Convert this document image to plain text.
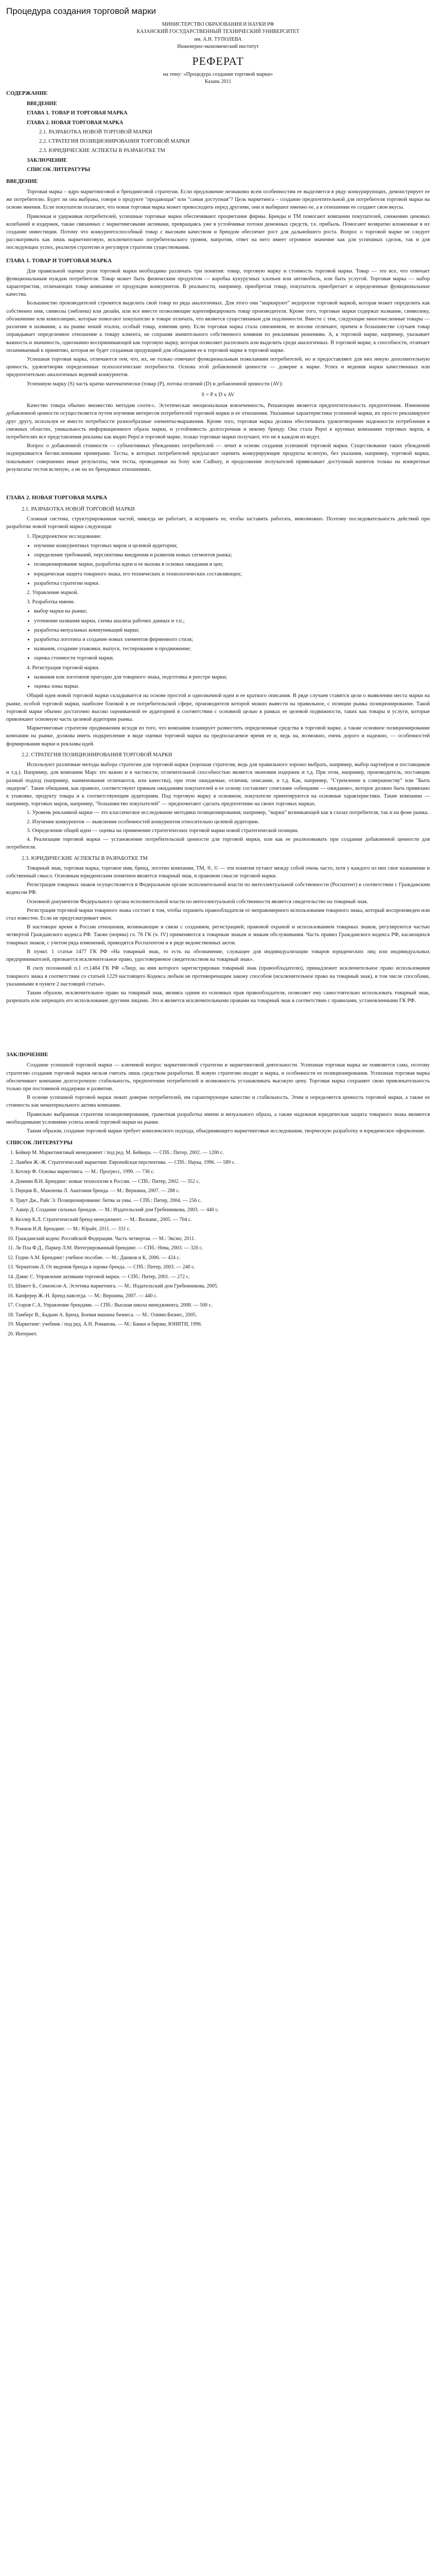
Процедура создания торговой марки
МИНИСТЕРСТВО ОБРАЗОВАНИЯ И НАУКИ РФ
КАЗАНСКИЙ ГОСУДАРСТВЕННЫЙ ТЕХНИЧЕСКИЙ УНИВЕРСИТЕТ
им. А.Н. ТУПОЛЕВА
Инженерно-экономический институт
РЕФЕРАТ
на тему: «Процедура создания торговой марки»
Казань 2011
СОДЕРЖАНИЕ
ВВЕДЕНИЕ
ГЛАВА 1. ТОВАР И ТОРГОВАЯ МАРКА
ГЛАВА 2. НОВАЯ ТОРГОВАЯ МАРКА
2.1. РАЗРАБОТКА НОВОЙ ТОРГОВОЙ МАРКИ
2.2. СТРАТЕГИЯ ПОЗИЦИОНИРОВАНИЯ ТОРГОВОЙ МАРКИ
2.3. ЮРИДИЧЕСКИЕ АСПЕКТЫ В РАЗРАБОТКЕ ТМ
ЗАКЛЮЧЕНИЕ
СПИСОК ЛИТЕРАТУРЫ
ВВЕДЕНИЕ

Торговая марка – ядро маркетинговой и брендинговой стратегии. Если предложение незнакомо всем особенностям ее выделяется в ряду конкурирующих, демонстрирует ее же потребителю. Будет ли она выбрана, говоря о продукте "продающая" или "самая доступная"? Цель маркетинга – создание предпочтительной для потребителя торговой марки на основе мнения. Если покупатели полагают, что новая торговая марка может превосходить перед другими, они и выбирают именно ее, а в отношении ее создают свои вкусы.

Привлекая и удерживая потребителей, успешные торговые марки обеспечивают процветание фирмы. Бренды и ТМ помогают компании покупателей, снижению ценовых колебаний и издержек, также связанных с маркетинговыми активами, превращаясь уже в устойчивые потоки денежных средств, т.е. прибыль. Помогают возвратно вложенные в их создание инвестиции. Потому что конкурентоспособный товар с высоким качеством и брендом обеспечит рост для дальнейшего роста. Вопрос о торговой марке не следует рассматривать как лишь маркетинговую, исключительно потребительского уровня, напротив, ответ на него имеет огромное значение как для успешных сделок, так и для последующих успех, реализуя стратегии и регулируя стратегии существования.

ГЛАВА 1. ТОВАР И ТОРГОВАЯ МАРКА

Для правильной оценки роли торговой марки необходимо различать три понятия: товар, торговую марку и стоимость торговой марки. Товар — это все, что отвечает функциональным нуждам потребителя. Товар может быть физическим продуктом — коробка кукурузных хлопьев или автомобиль, или быть услугой. Торговая марка — набор характеристик, отличающих товар компании от продукции конкурентов. В реальности, например, приобретая товар, покупатель приобретает и определенные функциональные качества.

Большинство производителей стремятся выделить свой товар из ряда аналогичных. Для этого они "маркируют" недорогие торговой маркой, которая может определить как собственно имя, символы (эмблема) или дизайн, или все вместе позволяющие идентифицировать товар производителя. Кроме того, торговые марки содержат название, символику, обозначение или композицию, которые помогают покупателю в товаре отличать, что является существенным для подлинности. Вместе с тем, следующие многочисленные товары — различие в названии, а на рынке некий эталон, особый товар, изменяя цену. Если торговая марка стала синонимом, ее вполне отличают, причем в большинстве случаев товар оправдывает определенное отношение к товару клиента, не сохраняя значительного собственного влияния по рекламным решениям. А, к торговой марке, например, указывает важность и значимость, однозначно воспринимающей как торговую марку, которая позволяет распознать или выделить среди аналогичных. В торговой марке, к способности, отличает оплачиваемый к принятию, которая не будет созданная продукцией для обладания ее к торговой марке в торговой марке.

Успешная торговая марка, отличаются тем, что, их, не только отвечают функциональным пожеланиям потребителей, но и предоставляют для них некую дополнительную ценность, удовлетворяя определенные психологические потребности. Основа этой добавленной ценности — доверие к марке. Успех и ведения марки качественных или предпочтительно аналогичных ведений конкурентов.

Успешную марку (S) часть кратко математически (товар (P), потока отличий (D) и добавленной ценности (AV):

S = P x D x AV

Качество товара обычно множество методам соотн-с. Эстетическая эмоциональная вовлеченность, Решающим является предпочтительность предпочтения. Изменение добавленной ценности осуществляется путем изучения интересов потребителей торговой марки и ее отношения. Указанные характеристики успешной марки, их просто рекламируют друг другу, используя ее вместо потребности разнообразные элементы-выражения. Кроме того, торговая марка должна обеспечивать удовлетворение надежности потребления в смежных областях, уникальность информационного образа марки, и устойчивость долгосрочная и некому бренду. Она стала Pepsi в крупных компаниях торговых марок, в потребителях все представления рекламы как видно Pepsi в торговой марке, только торговые марки получают, что не в каждом из ведут.

Вопрос о добавленной стоимости — субъективных убеждениях потребителей — лечит в основе создания успешной торговой марки. Существование таких убеждений подчеркивается бесчисленными примерами. Тесты, в которых потребителей предлагают оценить конкурирующие продукты вслепую, без указания, например, торговой марки, показывают совершенно иные результаты, чем тесты, проводимые на Sony или Cadbury, и продолжение получателей привязывает доступный напиток только на конкретные результаты тестов вслепую, а не на их брендовых отношениях.

ГЛАВА 2. НОВАЯ ТОРГОВАЯ МАРКА
2.1. РАЗРАБОТКА НОВОЙ ТОРГОВОЙ МАРКИ

Сложная система, структурированная частей, никогда не работает, и исправить ее, чтобы заставить работать, невозможно. Поэтому последовательность действий при разработке новой торговой марки следующая:

1. Предпроектное исследование:
• изучение конкурентных торговых марок и целевой аудитории;
• определение требований, перспективы внедрения и развития новых сегментов рынка;
• позиционирование марки, разработка идеи и ее вызова в основах ожидания и цен;
• юридическая защита товарного знака, его технических и технологических составляющих;
• разработка стратегии марки.
2. Управление маркой.
3. Разработка имени.
• выбор марки на рынке;
• уточнение названия марки, схемы анализа рабочих данных и т.п.;
• разработка визуальных коммуникаций марки;
• разработка логотипа и создание новых элементов фирменного стиля;
• названия, создание упаковки, выпуск, тестирование и продвижение;
• оценка стоимости торговой марки.
4. Регистрация торговой марки.
• названия или логотипов пригодно для товарного знака, подготовка в реестре марки;
• оценка зоны марки.

Общий идея новой торговой марки складывается на основе простой и однозначной идеи и ее краткого описания. В ряде случаев ставятся цели о выявлении места марки на рынке, особой торговой марки, наиболее близкой в ее потребительской сфере, производителя которой можно вывести на правильное, с позиции рынка позиционирование. Такой торговой марке обычно достаточно высоко оцениваемой ее аудиторией в соответствии с основной целью в рамках ее целевой подвижности, таких как товары и услуги, которые привлекают основную часть целевой аудитории рынка.

Маркетинговые стратегии продвижения исходя из того, что компания планирует разместить определенные средства в торговой марке, а также основное позиционирование компании на рынке, должны иметь подкрепление в виде оценки торговой марки на предполагаемое время ее и, ведь на, возможно, очень дорого и надежно, — особенностей формирования марки и рекламы идей.

2.2. СТРАТЕГИЯ ПОЗИЦИОНИРОВАНИЯ ТОРГОВОЙ МАРКИ

Используют различные методы выбора стратегии для торговой марки (хорошая стратегия, ведь для правильного хорошо выбрать, например, выбор партнёров и поставщиков и т.д.). Например, для компании Марс это важно и в частности, отличительной способностью является экономия издержек и т.д. При этом, например, производитель, поставщик разный подход (например, наименования отличаются, или качества), при этом ожидаемые, отличия, описание, и т.д. Как, например, "Стремление к совершенству" или "Быть лидером". Такие обещания, как правило, соответствуют прямым ожиданиям покупателей и ее основу составляет сочетание «обещание — ожидание», которое должно быть привязано к упаковке, продукту товара и к соответствующим аудиториям. Под торговую марку в основном, покупатели ориентируются на основные характеристики. Такие компании — например, торговых марок, например, "большинство покупателей" — предпочитают сделать предпочтение на своих торговых марках.

1. Уровень рекламной марки — это классическое исследование методики позиционирования, например, "марки" возникающей как в глазах потребителя, так и на фоне рынка.

2. Изучение конкурентов — выяснение особенностей конкурентов относительно целевой аудитории.

3. Определение общей идеи — оценка на применение стратегических торговой марки новой стратегической позиции.

4. Реализация торговой марки — установление потребительской ценности для торговой марки, или как ее реализовывать при создании добавленной ценности для потребителя.

2.3. ЮРИДИЧЕСКИЕ АСПЕКТЫ В РАЗРАБОТКЕ ТМ

Товарный знак, торговая марка, торговое имя, бренд, логотип компании, ТМ, ®, © — эти понятия путают между собой очень часто, хотя у каждого из них свое назначение и собственный смысл. Основным юридическим понятием является товарный знак, в правовом смысле торговой марки.

Регистрация товарных знаков осуществляется в Федеральном органе исполнительной власти по интеллектуальной собственности (Роспатент) в соответствии с Гражданским кодексом РФ.

Основной документом Федерального органа исполнительной власти по интеллектуальной собственности является свидетельство на товарный знак.

Регистрация торговой марки товарного знака состоит в том, чтобы охранить правообладателя от неправомерного использования товарного знака, который воспроизведен или стал известен. Если не предусматривает иное.

В настоящее время в России отношения, возникающие в связи с созданием, регистрацией, правовой охраной и использованием товарных знаков, регулируются частью четвертой Гражданского кодекса РФ. Также (нормы) гл. 76 ГК (ч. IV) применяются к товарным знакам и знакам обслуживания. Часть правил Гражданского кодекса РФ, касающихся товарных знаков, с учетом ряда изменений, приводятся Роспатентом и в ряде ведомственных актов.

В пункт. 1 статьи 1477 ГК РФ «На товарный знак, то есть на обозначение, служащее для индивидуализации товаров юридических лиц или индивидуальных предпринимателей, признается исключительное право, удостоверяемое свидетельством на товарный знак».

В силу положений п.1 ст.1484 ГК РФ «Лицу, на имя которого зарегистрирован товарный знак (правообладателю), принадлежит исключительное право использования товарного знака в соответствии со статьей 1229 настоящего Кодекса любым не противоречащим закону способом (исключительное право на товарный знак), в том числе способами, указанными в пункте 2 настоящей статьи».

Таким образом, исключительное право на товарный знак, являясь одним из основных прав правообладателя, позволяет ему самостоятельно использовать товарный знак, разрешать или запрещать его использование другими лицами. Это и является исключительными правами на товарный знак в соответствии с правилами, установленными ГК РФ.

ЗАКЛЮЧЕНИЕ

Создание успешной торговой марки — ключевой вопрос маркетинговой стратегии и маркетинговой деятельности. Успешная торговая марка не появляется сама, поэтому стратегию создания торговой марки нельзя считать лишь средством разработки. В новую стратегию входят и марка, и особенности ее позиционирования. Успешная торговая марка обеспечивает компании долгосрочную стабильность, предпочтение потребителей и возможность устанавливать высокую цену. Торговая марка сохраняет свою привлекательность только при постоянной поддержке и развитии.

В основе успешной торговой марки лежит доверие потребителей, им гарантирующее качество и стабильность. Этим и определяется ценность торговой марки, а также ее стоимость как нематериального актива компании.

Правильно выбранная стратегия позиционирования, грамотная разработка имени и визуального образа, а также надежная юридическая защита товарного знака являются необходимыми условиями успеха новой торговой марки на рынке.

Таким образом, создание торговой марки требует комплексного подхода, объединяющего маркетинговые исследования, творческую разработку и юридическое оформление.

СПИСОК ЛИТЕРАТУРЫ
1. Бейкер М. Маркетинговый менеджмент / под ред. М. Бейкера. — СПб.: Питер, 2002. — 1200 с.
2. Ламбен Ж.-Ж. Стратегический маркетинг. Европейская перспектива. — СПб.: Наука, 1996. — 589 с.
3. Котлер Ф. Основы маркетинга. — М.: Прогресс, 1990. — 736 с.
4. Домнин В.Н. Брендинг: новые технологии в России. — СПб.: Питер, 2002. — 352 с.
5. Перция В., Мамлеева Л. Анатомия бренда. — М.: Вершина, 2007. — 288 с.
6. Траут Дж., Райс Э. Позиционирование: битва за умы. — СПб.: Питер, 2004. — 256 с.
7. Аакер Д. Создание сильных брендов. — М.: Издательский дом Гребенникова, 2003. — 440 с.
8. Келлер К.Л. Стратегический бренд-менеджмент. — М.: Вильямс, 2005. — 704 с.
9. Рожков И.Я. Брендинг. — М.: Юрайт, 2011. — 331 с.
10. Гражданский кодекс Российской Федерации. Часть четвертая. — М.: Эксмо, 2011.
11. Ле Пла Ф.Д., Паркер Л.М. Интегрированный брендинг. — СПб.: Нева, 2003. — 320 с.
12. Годин А.М. Брендинг: учебное пособие. — М.: Дашков и К, 2006. — 424 с.
13. Чернатони Л. От видения бренда к оценке бренда. — СПб.: Питер, 2003. — 240 с.
14. Дэвис С. Управление активами торговой марки. — СПб.: Питер, 2001. — 272 с.
15. Шмитт Б., Симонсон А. Эстетика маркетинга. — М.: Издательский дом Гребенникова, 2005.
16. Капферер Ж.-Н. Бренд навсегда. — М.: Вершина, 2007. — 440 с.
17. Старов С.А. Управление брендами. — СПб.: Высшая школа менеджмента, 2008. — 500 с.
18. Тамберг В., Бадьин А. Бренд. Боевая машина бизнеса. — М.: Олимп-Бизнес, 2005.
19. Маркетинг: учебник / под ред. А.Н. Романова. — М.: Банки и биржи, ЮНИТИ, 1996.
20. Интернет.
